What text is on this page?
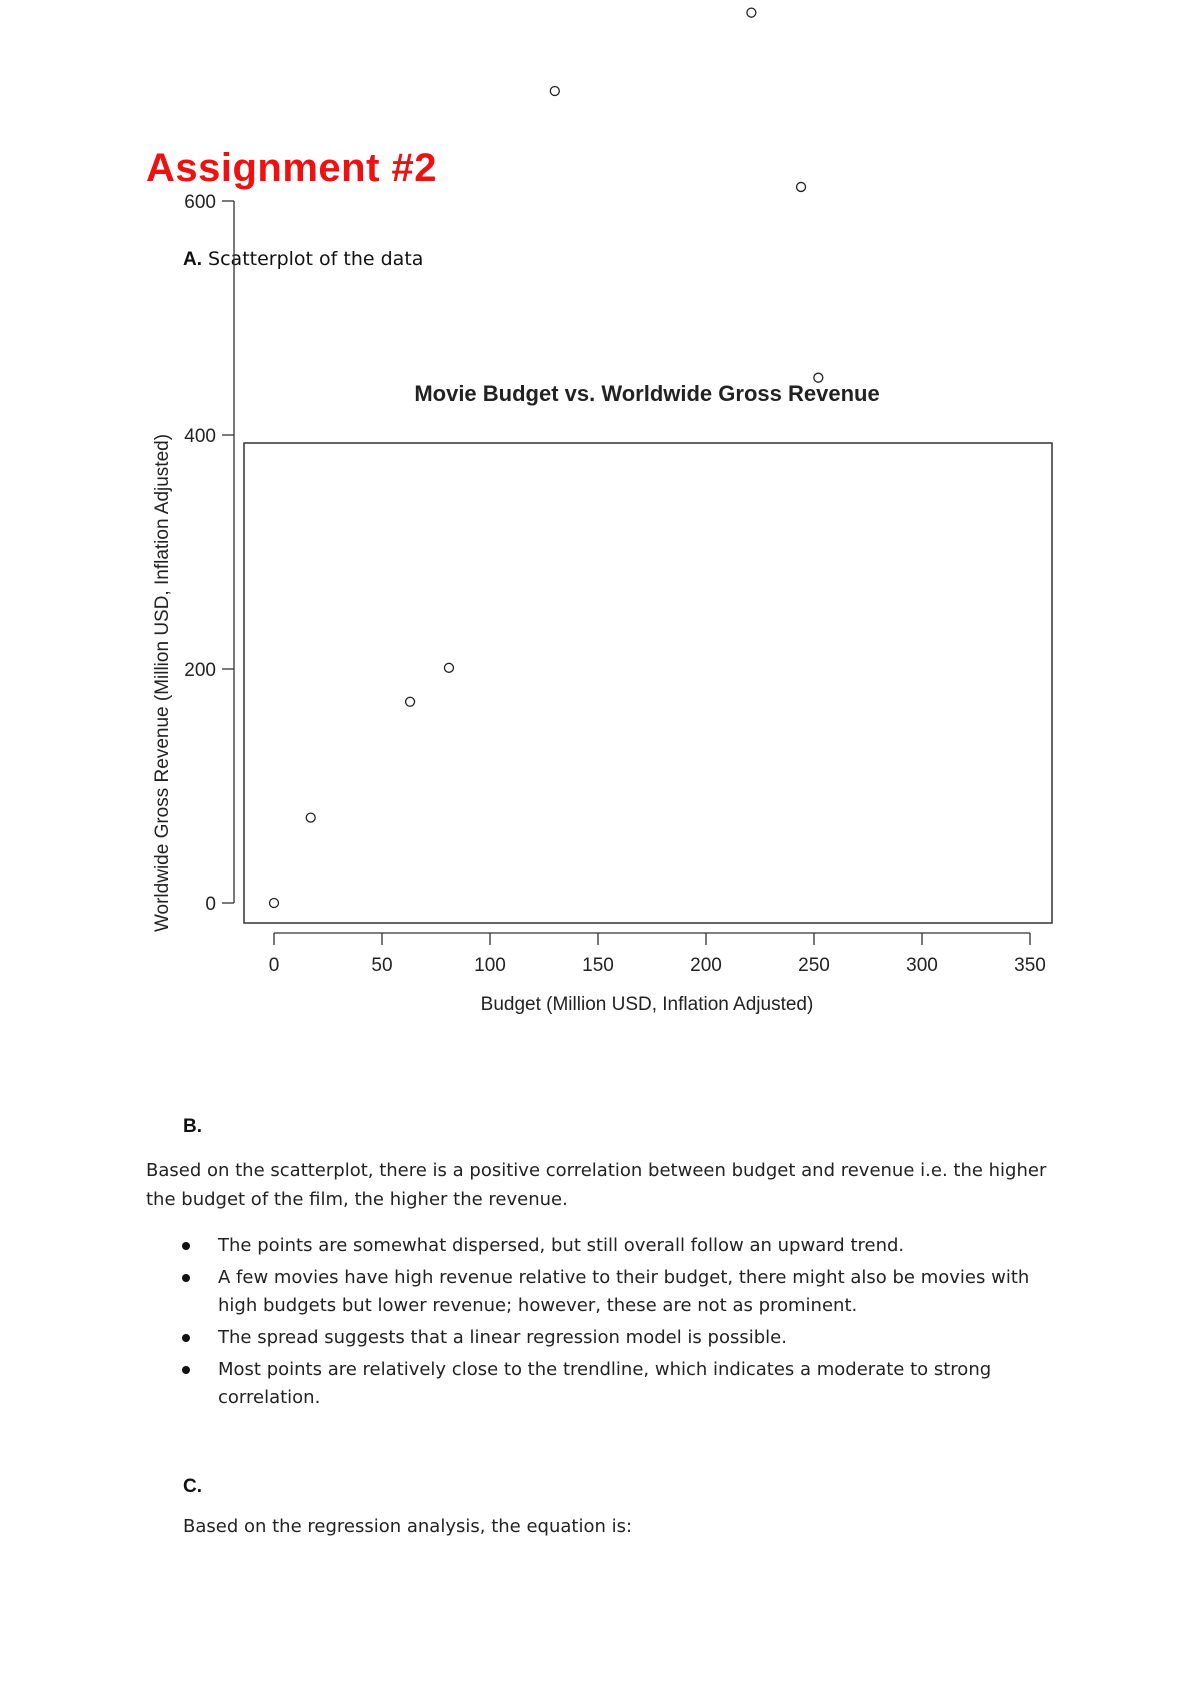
Assignment #2
A. Scatterplot of the data
Movie Budget vs. Worldwide Gross Revenue
0	50	100	150	200	250	300	350
0
200
400
600
Budget (Million USD, Inflation Adjusted)
Worldwide Gross Revenue (Million USD, Inflation Adjusted)
B.

Based on the scatterplot, there is a positive correlation between budget and revenue i.e. the higher the budget of the film, the higher the revenue.

The points are somewhat dispersed, but still overall follow an upward trend.
A few movies have high revenue relative to their budget, there might also be movies with high budgets but lower revenue; however, these are not as prominent.
The spread suggests that a linear regression model is possible.
Most points are relatively close to the trendline, which indicates a moderate to strong correlation.
C.

Based on the regression analysis, the equation is:
